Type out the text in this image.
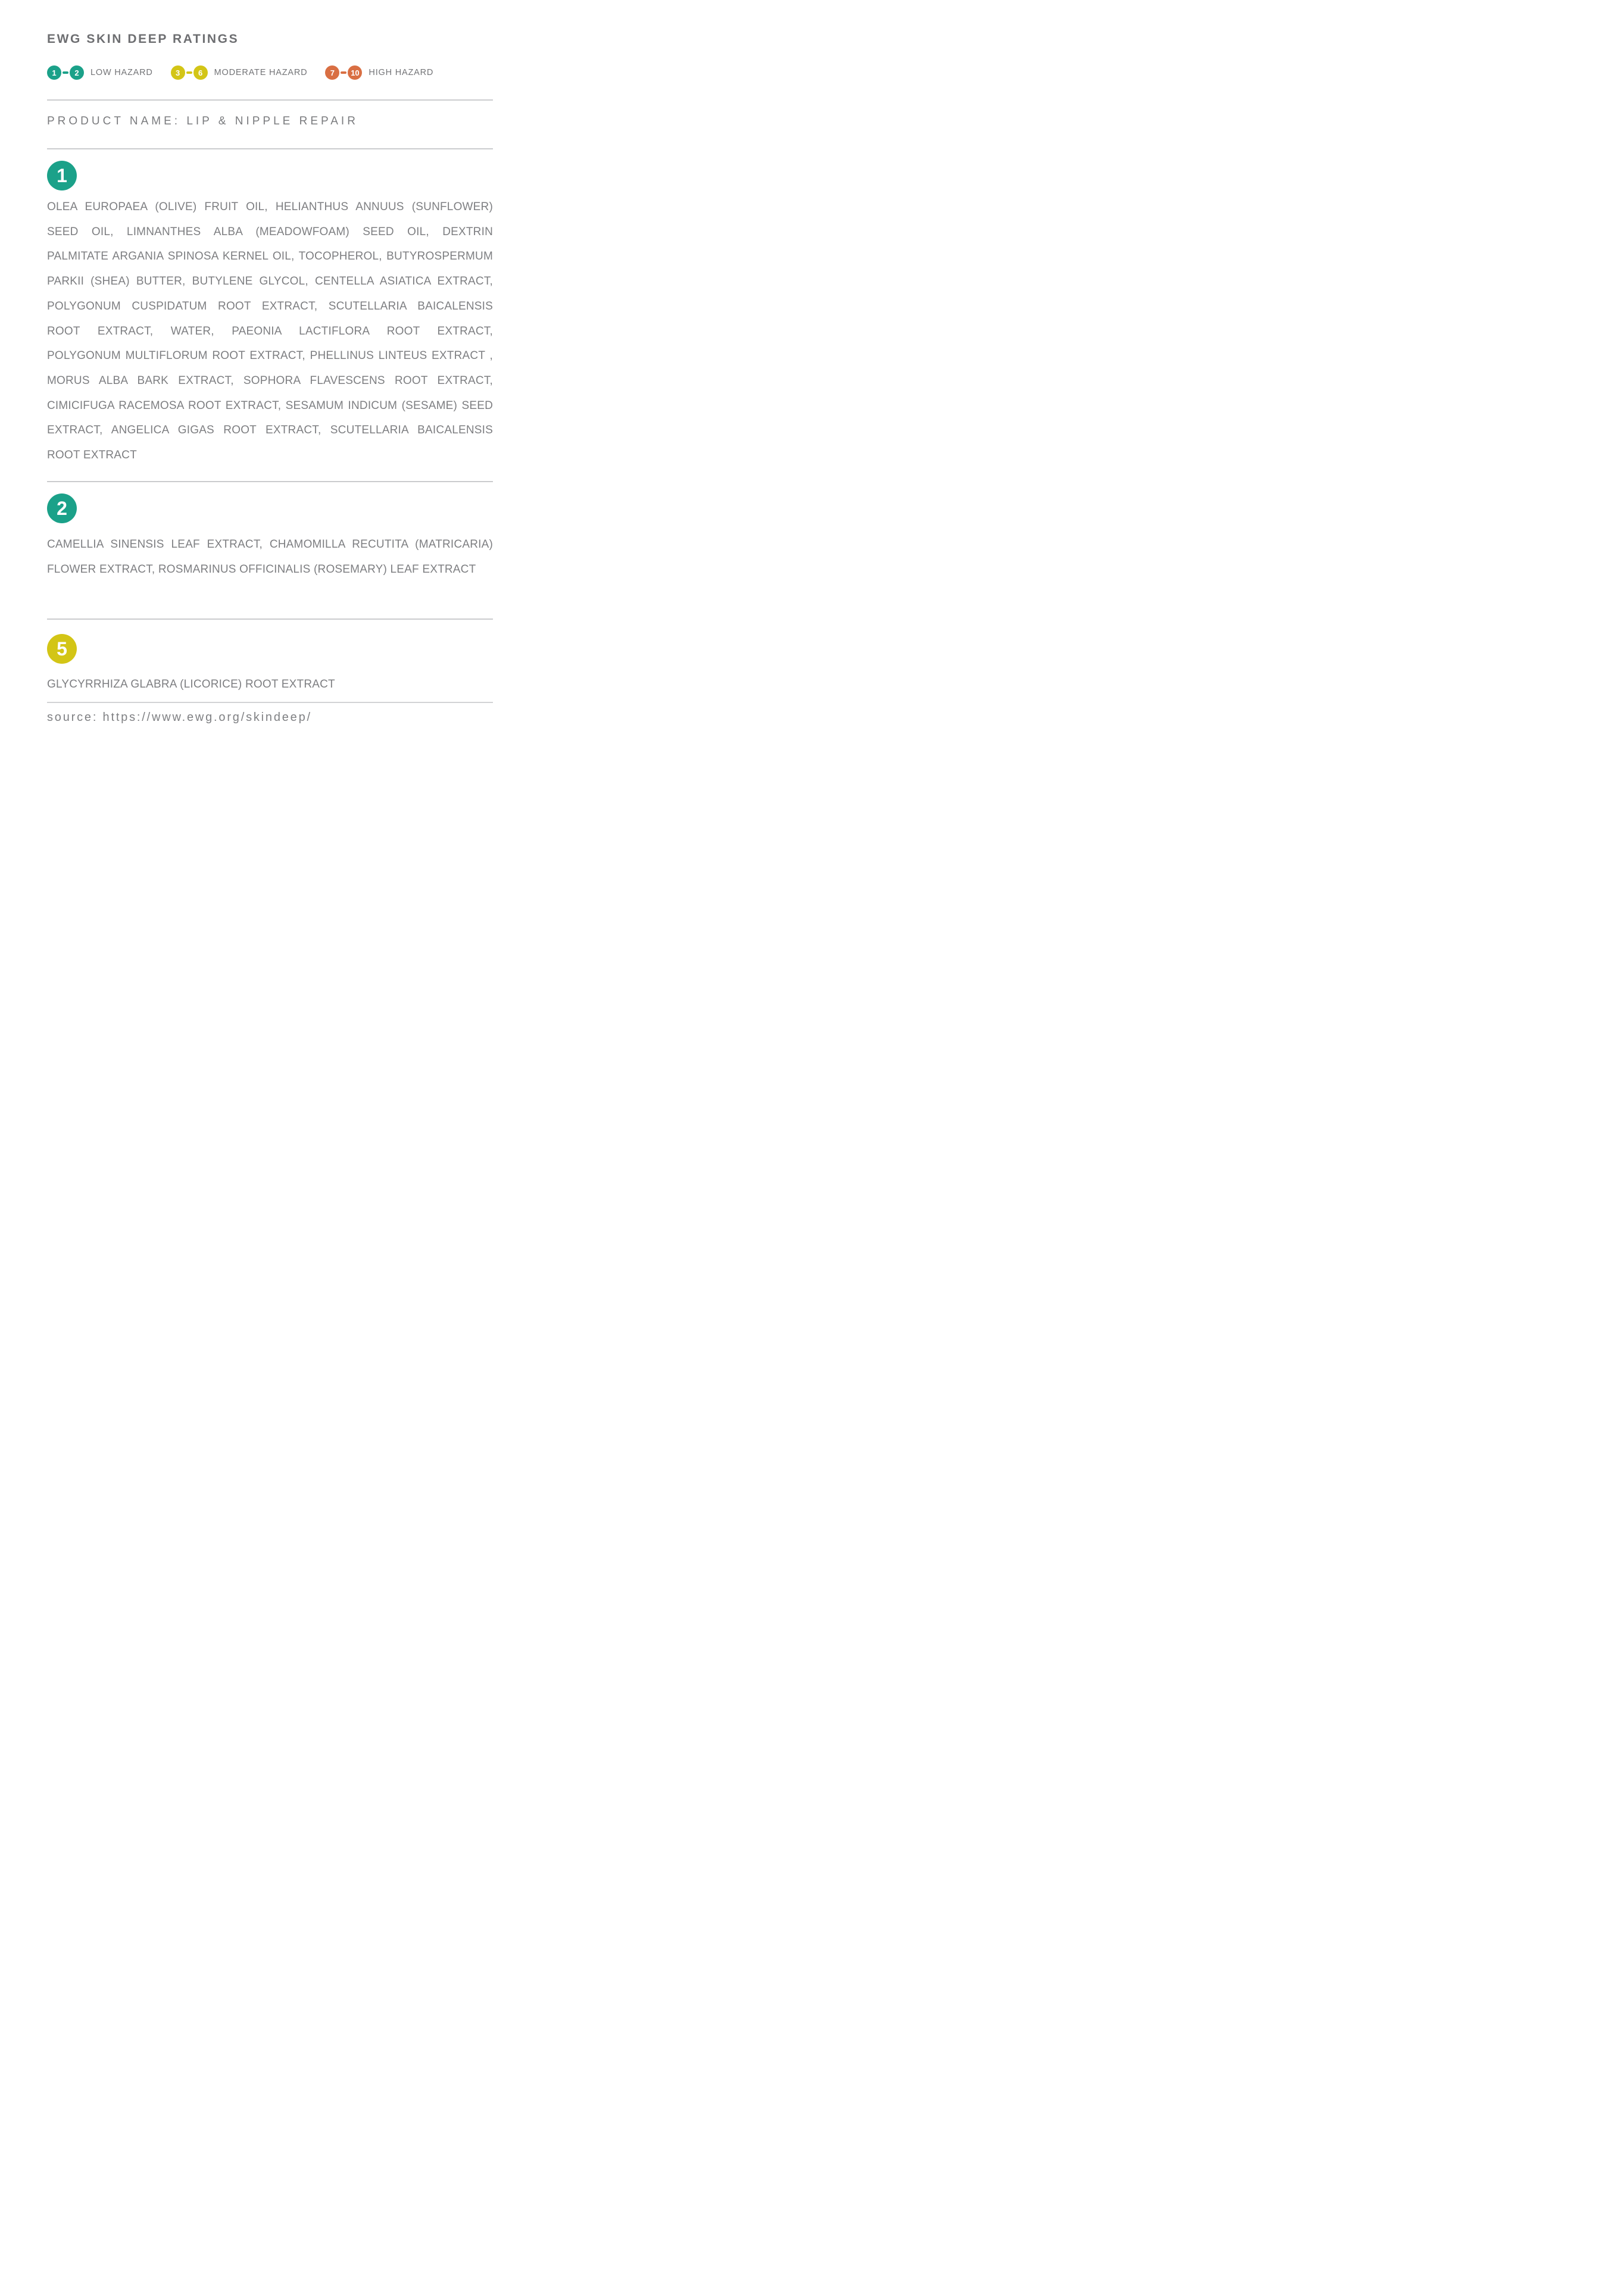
EWG SKIN DEEP RATINGS
1	2	LOW HAZARD	3	6	MODERATE HAZARD	7	10	HIGH HAZARD
PRODUCT NAME: LIP & NIPPLE REPAIR
1
OLEA EUROPAEA (OLIVE) FRUIT OIL, HELIANTHUS ANNUUS (SUNFLOWER)
SEED OIL, LIMNANTHES ALBA (MEADOWFOAM) SEED OIL, DEXTRIN
PALMITATE ARGANIA SPINOSA KERNEL OIL, TOCOPHEROL, BUTYROSPERMUM
PARKII (SHEA) BUTTER, BUTYLENE GLYCOL, CENTELLA ASIATICA EXTRACT,
POLYGONUM CUSPIDATUM ROOT EXTRACT, SCUTELLARIA BAICALENSIS
ROOT EXTRACT, WATER, PAEONIA LACTIFLORA ROOT EXTRACT,
POLYGONUM MULTIFLORUM ROOT EXTRACT, PHELLINUS LINTEUS EXTRACT ,
MORUS ALBA BARK EXTRACT, SOPHORA FLAVESCENS ROOT EXTRACT,
CIMICIFUGA RACEMOSA ROOT EXTRACT, SESAMUM INDICUM (SESAME) SEED
EXTRACT, ANGELICA GIGAS ROOT EXTRACT, SCUTELLARIA BAICALENSIS
ROOT EXTRACT
2
CAMELLIA SINENSIS LEAF EXTRACT, CHAMOMILLA RECUTITA (MATRICARIA)
FLOWER EXTRACT, ROSMARINUS OFFICINALIS (ROSEMARY) LEAF EXTRACT
5
GLYCYRRHIZA GLABRA (LICORICE) ROOT EXTRACT
source: https://www.ewg.org/skindeep/
